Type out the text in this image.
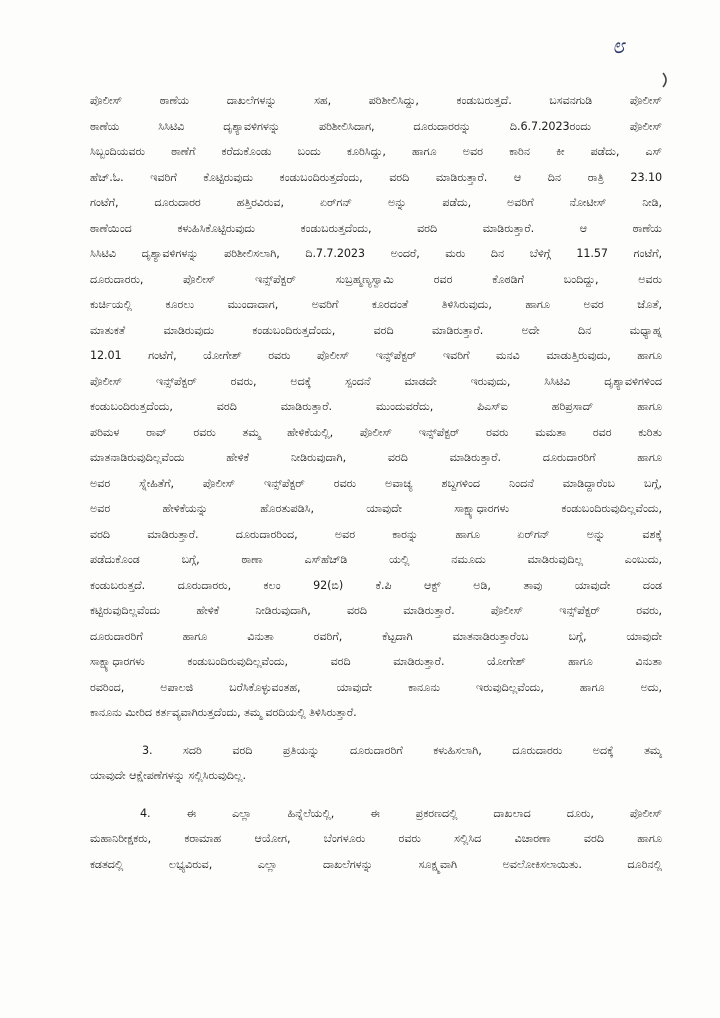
೮
ಪೊಲೀಸ್ ಠಾಣೆಯ ದಾಖಲೆಗಳನ್ನು ಸಹ, ಪರಿಶೀಲಿಸಿದ್ದು, ಕಂಡುಬರುತ್ತದೆ. ಬಸವನಗುಡಿ ಪೊಲೀಸ್
ಠಾಣೆಯ ಸಿಸಿಟಿವಿ ದೃಶ್ಯಾವಳಿಗಳನ್ನು ಪರಿಶೀಲಿಸಿದಾಗ, ದೂರುದಾರರನ್ನು ದಿ.6.7.2023ರಂದು ಪೊಲೀಸ್
ಸಿಬ್ಬಂದಿಯವರು ಠಾಣೆಗೆ ಕರೆದುಕೊಂಡು ಬಂದು ಕೂರಿಸಿದ್ದು, ಹಾಗೂ ಅವರ ಕಾರಿನ ಕೀ ಪಡೆದು, ಎಸ್
ಹೆಚ್.ಓ. ಇವರಿಗೆ ಕೊಟ್ಟಿರುವುದು ಕಂಡುಬಂದಿರುತ್ತದೆಂದು, ವರದಿ ಮಾಡಿರುತ್ತಾರೆ. ಆ ದಿನ ರಾತ್ರಿ 23.10
ಗಂಟೆಗೆ, ದೂರುದಾರರ ಹತ್ತಿರವಿರುವ, ಏರ್‌ಗನ್ ಅನ್ನು ಪಡೆದು, ಅವರಿಗೆ ನೋಟೀಸ್ ನೀಡಿ,
ಠಾಣೆಯಿಂದ ಕಳುಹಿಸಿಕೊಟ್ಟಿರುವುದು ಕಂಡುಬರುತ್ತದೆಂದು, ವರದಿ ಮಾಡಿರುತ್ತಾರೆ. ಆ ಠಾಣೆಯ
ಸಿಸಿಟಿವಿ ದೃಶ್ಯಾವಳಿಗಳನ್ನು ಪರಿಶೀಲಿಸಲಾಗಿ, ದಿ.7.7.2023 ಅಂದರೆ, ಮರು ದಿನ ಬೆಳಿಗ್ಗೆ 11.57 ಗಂಟೆಗೆ,
ದೂರುದಾರರು, ಪೊಲೀಸ್ ಇನ್ಸ್‌ಪೆಕ್ಟರ್ ಸುಬ್ರಹ್ಮಣ್ಯಸ್ವಾಮಿ ರವರ ಕೊಠಡಿಗೆ ಬಂದಿದ್ದು, ಅವರು
ಕುರ್ಚಿಯಲ್ಲಿ ಕೂರಲು ಮುಂದಾದಾಗ, ಅವರಿಗೆ ಕೂರದಂತೆ ತಿಳಿಸಿರುವುದು, ಹಾಗೂ ಅವರ ಜೊತೆ,
ಮಾತುಕತೆ ಮಾಡಿರುವುದು ಕಂಡುಬಂದಿರುತ್ತದೆಂದು, ವರದಿ ಮಾಡಿರುತ್ತಾರೆ. ಅದೇ ದಿನ ಮಧ್ಯಾಹ್ನ
12.01 ಗಂಟೆಗೆ, ಯೋಗೇಶ್ ರವರು ಪೊಲೀಸ್ ಇನ್ಸ್‌ಪೆಕ್ಟರ್ ಇವರಿಗೆ ಮನವಿ ಮಾಡುತ್ತಿರುವುದು, ಹಾಗೂ
ಪೊಲೀಸ್ ಇನ್ಸ್‌ಪೆಕ್ಟರ್ ರವರು, ಅದಕ್ಕೆ ಸ್ಪಂದನೆ ಮಾಡದೇ ಇರುವುದು, ಸಿಸಿಟಿವಿ ದೃಶ್ಯಾವಳಿಗಳಿಂದ
ಕಂಡುಬಂದಿರುತ್ತದೆಂದು, ವರದಿ ಮಾಡಿರುತ್ತಾರೆ. ಮುಂದುವರೆದು, ಪಿಎಸ್‌ಐ ಹರಿಪ್ರಸಾದ್ ಹಾಗೂ
ಪರಿಮಳ ರಾವ್ ರವರು ತಮ್ಮ ಹೇಳಿಕೆಯಲ್ಲಿ, ಪೊಲೀಸ್ ಇನ್ಸ್‌ಪೆಕ್ಟರ್ ರವರು ಮಮತಾ ರವರ ಕುರಿತು
ಮಾತನಾಡಿರುವುದಿಲ್ಲವೆಂದು ಹೇಳಿಕೆ ನೀಡಿರುವುದಾಗಿ, ವರದಿ ಮಾಡಿರುತ್ತಾರೆ. ದೂರುದಾರರಿಗೆ ಹಾಗೂ
ಅವರ ಸ್ನೇಹಿತೆಗೆ, ಪೊಲೀಸ್ ಇನ್ಸ್‌ಪೆಕ್ಟರ್ ರವರು ಅವಾಚ್ಯ ಶಬ್ದಗಳಿಂದ ನಿಂದನೆ ಮಾಡಿದ್ದಾರೆಂಬ ಬಗ್ಗೆ,
ಅವರ ಹೇಳಿಕೆಯನ್ನು ಹೊರತುಪಡಿಸಿ, ಯಾವುದೇ ಸಾಕ್ಷ್ಯಾಧಾರಗಳು ಕಂಡುಬಂದಿರುವುದಿಲ್ಲವೆಂದು,
ವರದಿ ಮಾಡಿರುತ್ತಾರೆ. ದೂರುದಾರರಿಂದ, ಅವರ ಕಾರನ್ನು ಹಾಗೂ ಏರ್‌ಗನ್ ಅನ್ನು ವಶಕ್ಕೆ
ಪಡೆದುಕೊಂಡ ಬಗ್ಗೆ, ಠಾಣಾ ಎಸ್‌ಹೆಚ್‌ಡಿ ಯಲ್ಲಿ ನಮೂದು ಮಾಡಿರುವುದಿಲ್ಲ ಎಂಬುದು,
ಕಂಡುಬರುತ್ತದೆ. ದೂರುದಾರರು, ಕಲಂ 92(ಬಿ) ಕೆ.ಪಿ ಆಕ್ಟ್ ಅಡಿ, ತಾವು ಯಾವುದೇ ದಂಡ
ಕಟ್ಟಿರುವುದಿಲ್ಲವೆಂದು ಹೇಳಿಕೆ ನೀಡಿರುವುದಾಗಿ, ವರದಿ ಮಾಡಿರುತ್ತಾರೆ. ಪೊಲೀಸ್ ಇನ್ಸ್‌ಪೆಕ್ಟರ್ ರವರು,
ದೂರುದಾರರಿಗೆ ಹಾಗೂ ವಿನುತಾ ರವರಿಗೆ, ಕೆಟ್ಟದಾಗಿ ಮಾತನಾಡಿರುತ್ತಾರೆಂಬ ಬಗ್ಗೆ, ಯಾವುದೇ
ಸಾಕ್ಷ್ಯಾಧಾರಗಳು ಕಂಡುಬಂದಿರುವುದಿಲ್ಲವೆಂದು, ವರದಿ ಮಾಡಿರುತ್ತಾರೆ. ಯೋಗೇಶ್ ಹಾಗೂ ವಿನುತಾ
ರವರಿಂದ, ಅಪಾಲಜಿ ಬರೆಸಿಕೊಳ್ಳುವಂತಹ, ಯಾವುದೇ ಕಾನೂನು ಇರುವುದಿಲ್ಲವೆಂದು, ಹಾಗೂ ಅದು,
ಕಾನೂನು ಮೀರಿದ ಕರ್ತವ್ಯವಾಗಿರುತ್ತದೆಂದು, ತಮ್ಮ ವರದಿಯಲ್ಲಿ ತಿಳಿಸಿರುತ್ತಾರೆ.
3. ಸದರಿ ವರದಿ ಪ್ರತಿಯನ್ನು ದೂರುದಾರರಿಗೆ ಕಳುಹಿಸಲಾಗಿ, ದೂರುದಾರರು ಅದಕ್ಕೆ ತಮ್ಮ
ಯಾವುದೇ ಆಕ್ಷೇಪಣೆಗಳನ್ನು ಸಲ್ಲಿಸಿರುವುದಿಲ್ಲ.
4. ಈ ಎಲ್ಲಾ ಹಿನ್ನೆಲೆಯಲ್ಲಿ, ಈ ಪ್ರಕರಣದಲ್ಲಿ ದಾಖಲಾದ ದೂರು, ಪೊಲೀಸ್
ಮಹಾನಿರೀಕ್ಷಕರು, ಕರಾಮಾಹ ಆಯೋಗ, ಬೆಂಗಳೂರು ರವರು ಸಲ್ಲಿಸಿದ ವಿಚಾರಣಾ ವರದಿ ಹಾಗೂ
ಕಡತದಲ್ಲಿ ಲಭ್ಯವಿರುವ, ಎಲ್ಲಾ ದಾಖಲೆಗಳನ್ನು ಸೂಕ್ಷ್ಮವಾಗಿ ಅವಲೋಕಿಸಲಾಯಿತು. ದೂರಿನಲ್ಲಿ
